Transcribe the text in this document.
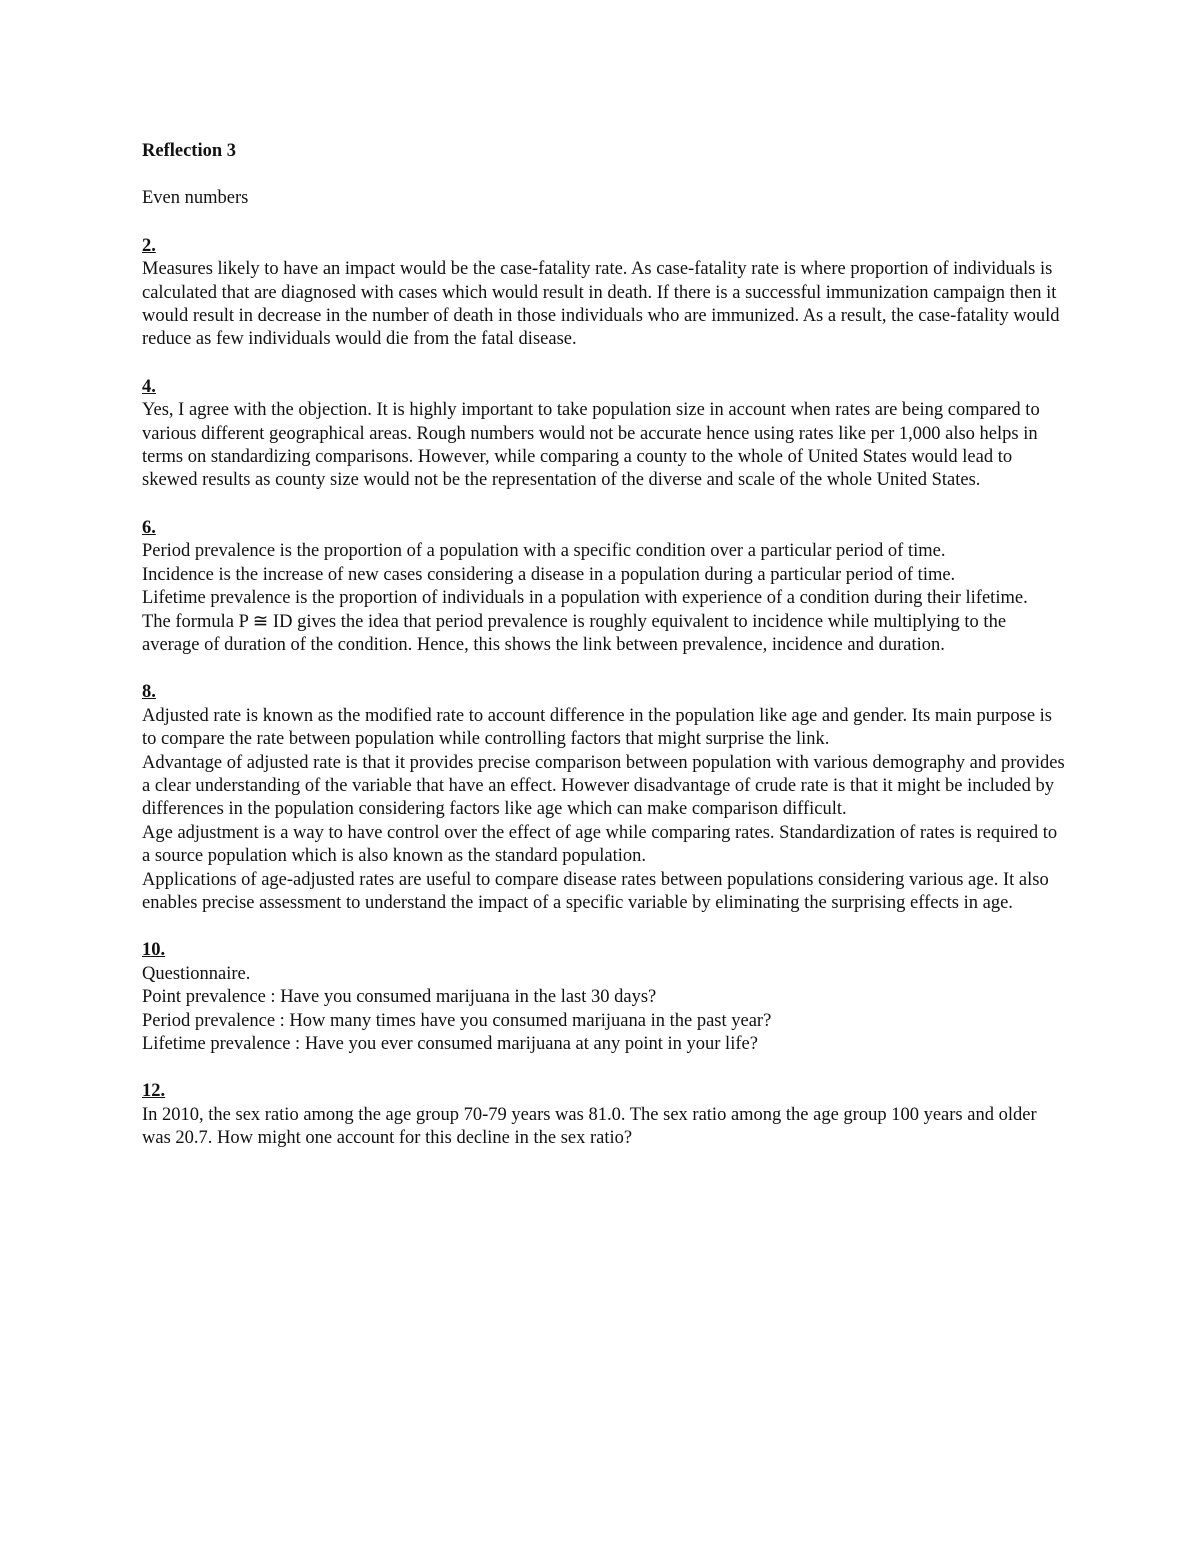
Reflection 3
Even numbers
2.
Measures likely to have an impact would be the case-fatality rate. As case-fatality rate is where proportion of individuals is calculated that are diagnosed with cases which would result in death. If there is a successful immunization campaign then it would result in decrease in the number of death in those individuals who are immunized. As a result, the case-fatality would reduce as few individuals would die from the fatal disease.
4.
Yes, I agree with the objection. It is highly important to take population size in account when rates are being compared to various different geographical areas. Rough numbers would not be accurate hence using rates like per 1,000 also helps in terms on standardizing comparisons. However, while comparing a county to the whole of United States would lead to skewed results as county size would not be the representation of the diverse and scale of the whole United States.
6.
Period prevalence is the proportion of a population with a specific condition over a particular period of time.
Incidence is the increase of new cases considering a disease in a population during a particular period of time.
Lifetime prevalence is the proportion of individuals in a population with experience of a condition during their lifetime.
The formula P ≅ ID gives the idea that period prevalence is roughly equivalent to incidence while multiplying to the average of duration of the condition. Hence, this shows the link between prevalence, incidence and duration.
8.
Adjusted rate is known as the modified rate to account difference in the population like age and gender. Its main purpose is to compare the rate between population while controlling factors that might surprise the link.
Advantage of adjusted rate is that it provides precise comparison between population with various demography and provides a clear understanding of the variable that have an effect. However disadvantage of crude rate is that it might be included by differences in the population considering factors like age which can make comparison difficult.
Age adjustment is a way to have control over the effect of age while comparing rates. Standardization of rates is required to a source population which is also known as the standard population.
Applications of age-adjusted rates are useful to compare disease rates between populations considering various age. It also enables precise assessment to understand the impact of a specific variable by eliminating the surprising effects in age.
10.
Questionnaire.
Point prevalence : Have you consumed marijuana in the last 30 days?
Period prevalence : How many times have you consumed marijuana in the past year?
Lifetime prevalence : Have you ever consumed marijuana at any point in your life?
12.
In 2010, the sex ratio among the age group 70-79 years was 81.0. The sex ratio among the age group 100 years and older was 20.7. How might one account for this decline in the sex ratio?
